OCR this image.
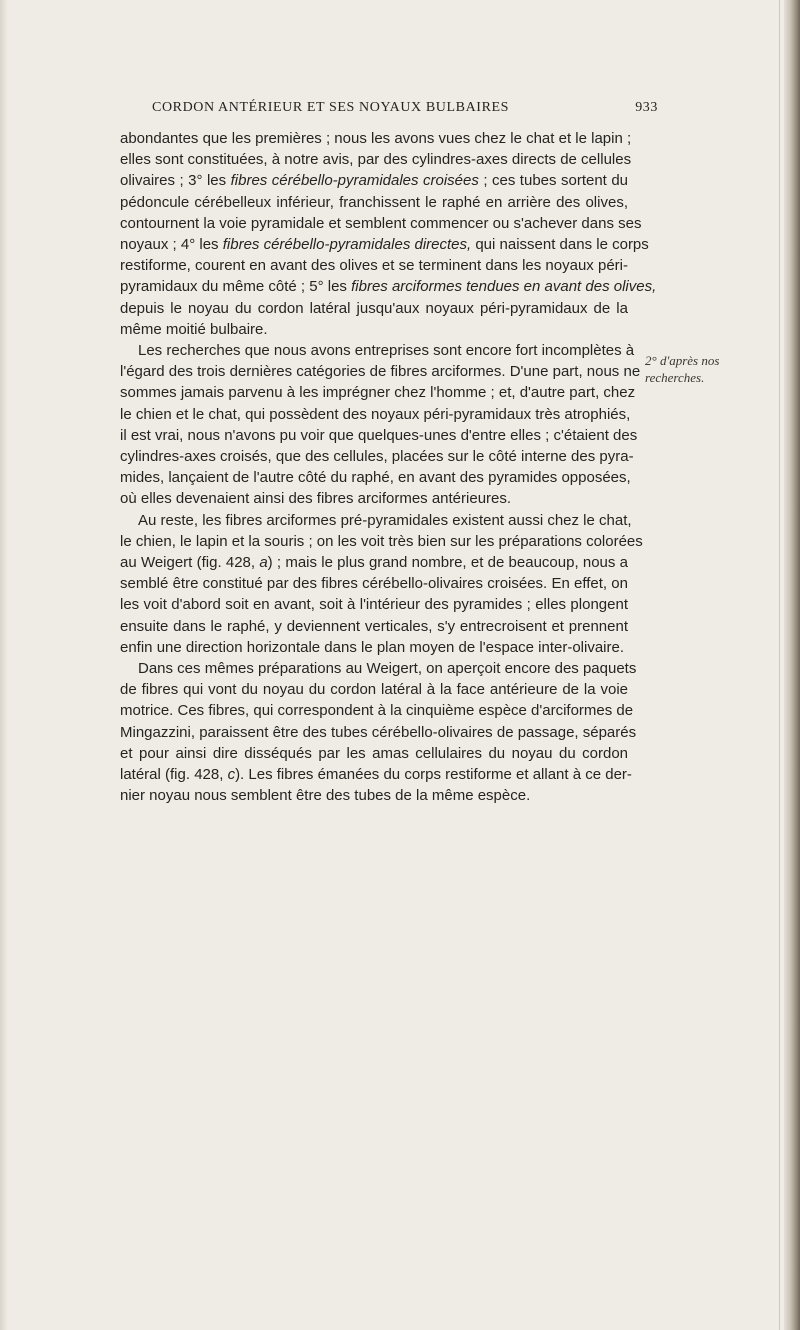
CORDON ANTÉRIEUR ET SES NOYAUX BULBAIRES	933
abondantes que les premières ; nous les avons vues chez le chat et le lapin ;
elles sont constituées, à notre avis, par des cylindres-axes directs de cellules
olivaires ; 3° les fibres cérébello-pyramidales croisées ; ces tubes sortent du
pédoncule cérébelleux inférieur, franchissent le raphé en arrière des olives,
contournent la voie pyramidale et semblent commencer ou s'achever dans ses
noyaux ; 4° les fibres cérébello-pyramidales directes, qui naissent dans le corps
restiforme, courent en avant des olives et se terminent dans les noyaux péri-
pyramidaux du même côté ; 5° les fibres arciformes tendues en avant des olives,
depuis le noyau du cordon latéral jusqu'aux noyaux péri-pyramidaux de la
même moitié bulbaire.
Les recherches que nous avons entreprises sont encore fort incomplètes à
l'égard des trois dernières catégories de fibres arciformes. D'une part, nous ne
sommes jamais parvenu à les imprégner chez l'homme ; et, d'autre part, chez
le chien et le chat, qui possèdent des noyaux péri-pyramidaux très atrophiés,
il est vrai, nous n'avons pu voir que quelques-unes d'entre elles ; c'étaient des
cylindres-axes croisés, que des cellules, placées sur le côté interne des pyra-
mides, lançaient de l'autre côté du raphé, en avant des pyramides opposées,
où elles devenaient ainsi des fibres arciformes antérieures.
Au reste, les fibres arciformes pré-pyramidales existent aussi chez le chat,
le chien, le lapin et la souris ; on les voit très bien sur les préparations colorées
au Weigert (fig. 428, a) ; mais le plus grand nombre, et de beaucoup, nous a
semblé être constitué par des fibres cérébello-olivaires croisées. En effet, on
les voit d'abord soit en avant, soit à l'intérieur des pyramides ; elles plongent
ensuite dans le raphé, y deviennent verticales, s'y entrecroisent et prennent
enfin une direction horizontale dans le plan moyen de l'espace inter-olivaire.
Dans ces mêmes préparations au Weigert, on aperçoit encore des paquets
de fibres qui vont du noyau du cordon latéral à la face antérieure de la voie
motrice. Ces fibres, qui correspondent à la cinquième espèce d'arciformes de
Mingazzini, paraissent être des tubes cérébello-olivaires de passage, séparés
et pour ainsi dire disséqués par les amas cellulaires du noyau du cordon
latéral (fig. 428, c). Les fibres émanées du corps restiforme et allant à ce der-
nier noyau nous semblent être des tubes de la même espèce.
2° d'après nos
recherches.
